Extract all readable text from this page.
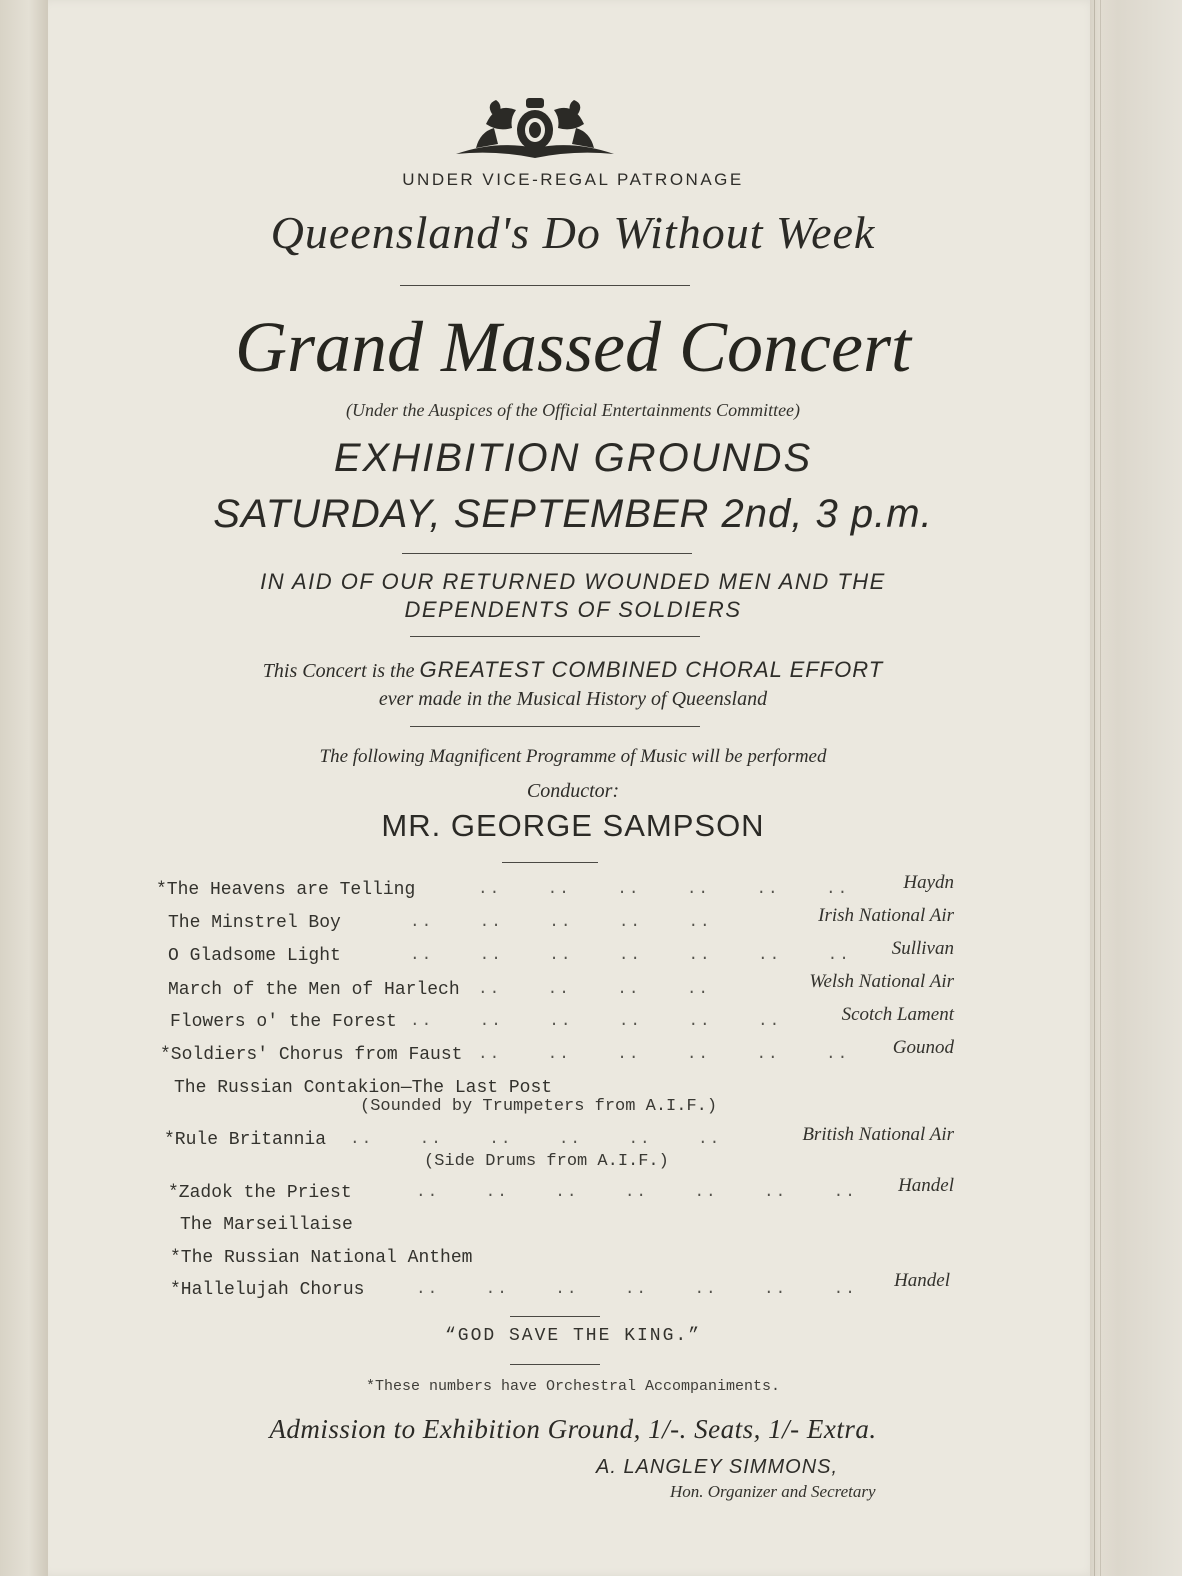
UNDER VICE-REGAL PATRONAGE
Queensland's Do Without Week
Grand Massed Concert
(Under the Auspices of the Official Entertainments Committee)
EXHIBITION GROUNDS
SATURDAY, SEPTEMBER 2nd, 3 p.m.
IN AID OF OUR RETURNED WOUNDED MEN AND THE
DEPENDENTS OF SOLDIERS
This Concert is the GREATEST COMBINED CHORAL EFFORT
ever made in the Musical History of Queensland
The following Magnificent Programme of Music will be performed
Conductor:
MR. GEORGE SAMPSON
*The Heavens are Telling	..    ..    ..    ..    ..    ..	Haydn
The Minstrel Boy	..    ..    ..    ..    ..	Irish National Air
O Gladsome Light	..    ..    ..    ..    ..    ..    .. Sullivan
March of the Men of Harlech ..    ..    ..    ..	Welsh National Air
Flowers o' the Forest ..    ..    ..    ..    ..    ..	Scotch Lament
*Soldiers' Chorus from Faust ..    ..    ..    ..    ..    .. Gounod
The Russian Contakion—The Last Post
(Sounded by Trumpeters from A.I.F.)
*Rule Britannia ..    ..    ..    ..    ..    ..	British National Air
(Side Drums from A.I.F.)
*Zadok the Priest	..    ..    ..    ..    ..    ..    .. Handel
The Marseillaise
*The Russian National Anthem
*Hallelujah Chorus	..    ..    ..    ..    ..    ..    .. Handel
“GOD SAVE THE KING.”
*These numbers have Orchestral Accompaniments.
Admission to Exhibition Ground, 1/-. Seats, 1/- Extra.
A. LANGLEY SIMMONS,
Hon. Organizer and Secretary
